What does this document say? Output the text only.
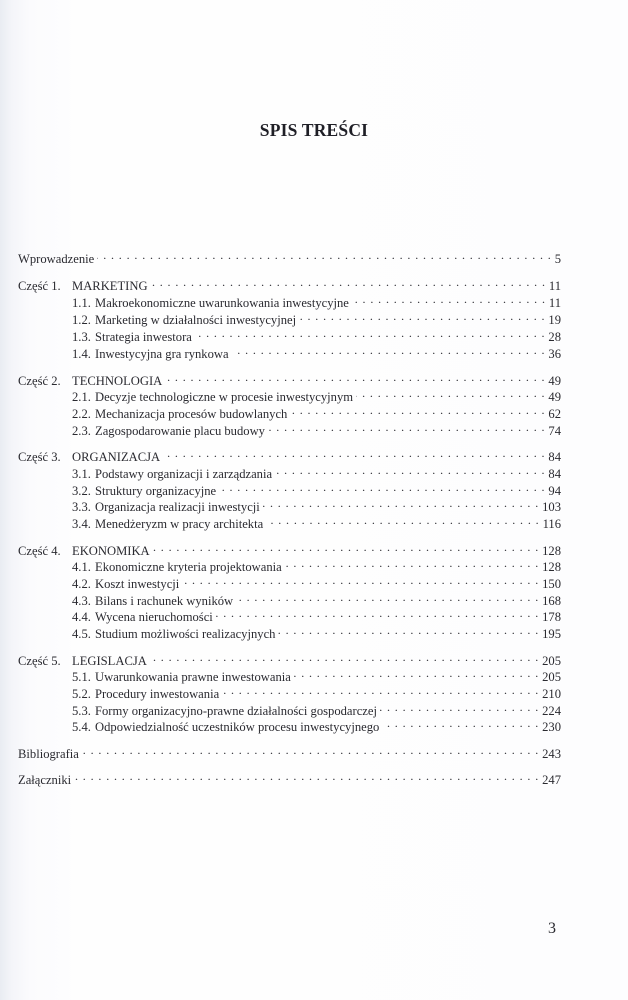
SPIS TREŚCI
Wprowadzenie . . .	5
Część 1. MARKETING . . .	11
1.1. Makroekonomiczne uwarunkowania inwestycyjne . . .	11
1.2. Marketing w działalności inwestycyjnej . . .	19
1.3. Strategia inwestora . . .	28
1.4. Inwestycyjna gra rynkowa . . .	36
Część 2. TECHNOLOGIA . . .	49
2.1. Decyzje technologiczne w procesie inwestycyjnym . . .	49
2.2. Mechanizacja procesów budowlanych . . .	62
2.3. Zagospodarowanie placu budowy . . .	74
Część 3. ORGANIZACJA . . .	84
3.1. Podstawy organizacji i zarządzania . . .	84
3.2. Struktury organizacyjne . . .	94
3.3. Organizacja realizacji inwestycji . . .	103
3.4. Menedżeryzm w pracy architekta . . .	116
Część 4. EKONOMIKA . . .	128
4.1. Ekonomiczne kryteria projektowania . . .	128
4.2. Koszt inwestycji . . .	150
4.3. Bilans i rachunek wyników . . .	168
4.4. Wycena nieruchomości . . .	178
4.5. Studium możliwości realizacyjnych . . .	195
Część 5. LEGISLACJA . . .	205
5.1. Uwarunkowania prawne inwestowania . . .	205
5.2. Procedury inwestowania . . .	210
5.3. Formy organizacyjno-prawne działalności gospodarczej . . .	224
5.4. Odpowiedzialność uczestników procesu inwestycyjnego . . .	230
Bibliografia . . .	243
Załączniki . . .	247
3
